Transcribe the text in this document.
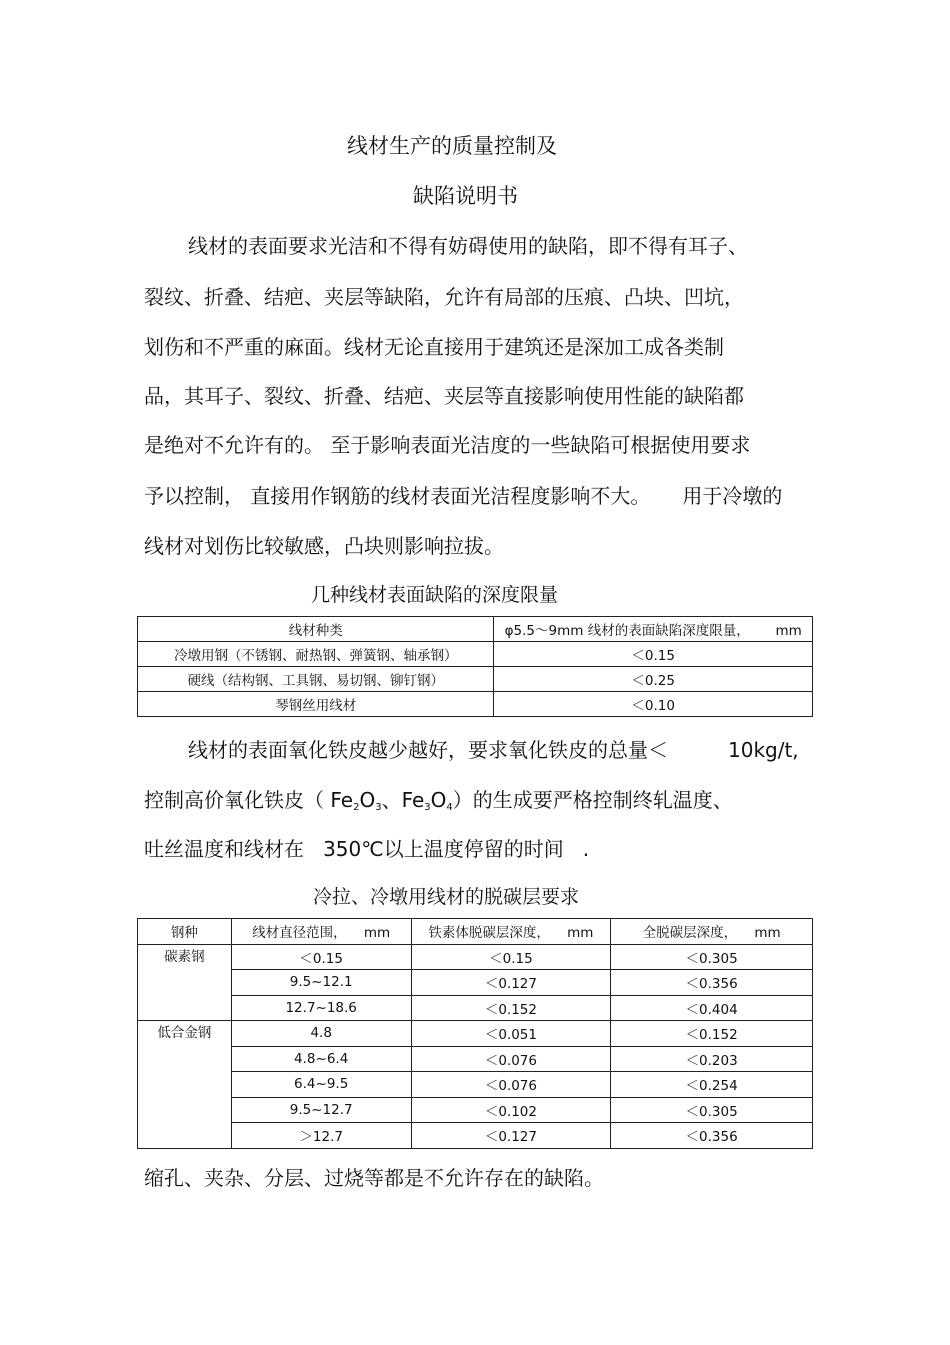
线材生产的质量控制及
缺陷说明书
线材的表面要求光洁和不得有妨碍使用的缺陷，即不得有耳子、
裂纹、折叠、结疤、夹层等缺陷，允许有局部的压痕、凸块、凹坑，
划伤和不严重的麻面。线材无论直接用于建筑还是深加工成各类制
品，其耳子、裂纹、折叠、结疤、夹层等直接影响使用性能的缺陷都
是绝对不允许有的。 至于影响表面光洁度的一些缺陷可根据使用要求
予以控制， 直接用作钢筋的线材表面光洁程度影响不大。 用于冷墩的
线材对划伤比较敏感，凸块则影响拉拔。
几种线材表面缺陷的深度限量
线材种类	φ5.5～9mm 线材的表面缺陷深度限量， mm
冷墩用钢（不锈钢、耐热钢、弹簧钢、轴承钢）	＜0.15
硬线（结构钢、工具钢、易切钢、铆钉钢）	＜0.25
琴钢丝用线材	＜0.10
线材的表面氧化铁皮越少越好，要求氧化铁皮的总量＜	10kg/t,
控制高价氧化铁皮（ $Fe_2O_3$、$Fe_3O_4$）的生成要严格控制终轧温度、
吐丝温度和线材在 350℃以上温度停留的时间 .
冷拉、冷墩用线材的脱碳层要求
钢种	线材直径范围， mm	铁素体脱碳层深度， mm	全脱碳层深度， mm
碳素钢	＜0.15	＜0.15	＜0.305
	9.5~12.1	＜0.127	＜0.356
	12.7~18.6	＜0.152	＜0.404
低合金钢	4.8	＜0.051	＜0.152
	4.8~6.4	＜0.076	＜0.203
	6.4~9.5	＜0.076	＜0.254
	9.5~12.7	＜0.102	＜0.305
	＞12.7	＜0.127	＜0.356
缩孔、夹杂、分层、过烧等都是不允许存在的缺陷。
